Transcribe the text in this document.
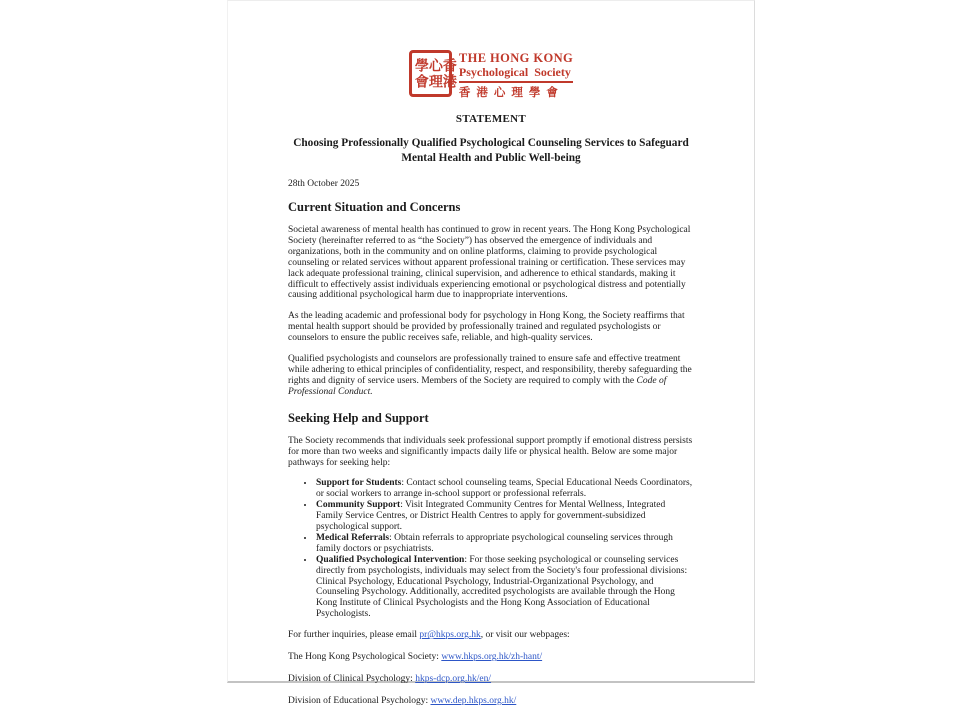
學會
心理
香港 THE HONG KONG
Psychological Society
香 港 心 理 學 會

STATEMENT

Choosing Professionally Qualified Psychological Counseling Services to Safeguard
Mental Health and Public Well-being

28th October 2025

Current Situation and Concerns

Societal awareness of mental health has continued to grow in recent years. The Hong Kong Psychological Society (hereinafter referred to as “the Society”) has observed the emergence of individuals and organizations, both in the community and on online platforms, claiming to provide psychological counseling or related services without apparent professional training or certification. These services may lack adequate professional training, clinical supervision, and adherence to ethical standards, making it difficult to effectively assist individuals experiencing emotional or psychological distress and potentially causing additional psychological harm due to inappropriate interventions.

As the leading academic and professional body for psychology in Hong Kong, the Society reaffirms that mental health support should be provided by professionally trained and regulated psychologists or counselors to ensure the public receives safe, reliable, and high-quality services.

Qualified psychologists and counselors are professionally trained to ensure safe and effective treatment while adhering to ethical principles of confidentiality, respect, and responsibility, thereby safeguarding the rights and dignity of service users. Members of the Society are required to comply with the Code of Professional Conduct.

Seeking Help and Support

The Society recommends that individuals seek professional support promptly if emotional distress persists for more than two weeks and significantly impacts daily life or physical health. Below are some major pathways for seeking help:

• Support for Students: Contact school counseling teams, Special Educational Needs Coordinators, or social workers to arrange in-school support or professional referrals.
• Community Support: Visit Integrated Community Centres for Mental Wellness, Integrated Family Service Centres, or District Health Centres to apply for government-subsidized psychological support.
• Medical Referrals: Obtain referrals to appropriate psychological counseling services through family doctors or psychiatrists.
• Qualified Psychological Intervention: For those seeking psychological or counseling services directly from psychologists, individuals may select from the Society's four professional divisions: Clinical Psychology, Educational Psychology, Industrial-Organizational Psychology, and Counseling Psychology. Additionally, accredited psychologists are available through the Hong Kong Institute of Clinical Psychologists and the Hong Kong Association of Educational Psychologists.

For further inquiries, please email pr@hkps.org.hk, or visit our webpages:

The Hong Kong Psychological Society: www.hkps.org.hk/zh-hant/

Division of Clinical Psychology: hkps-dcp.org.hk/en/

Division of Educational Psychology: www.dep.hkps.org.hk/
